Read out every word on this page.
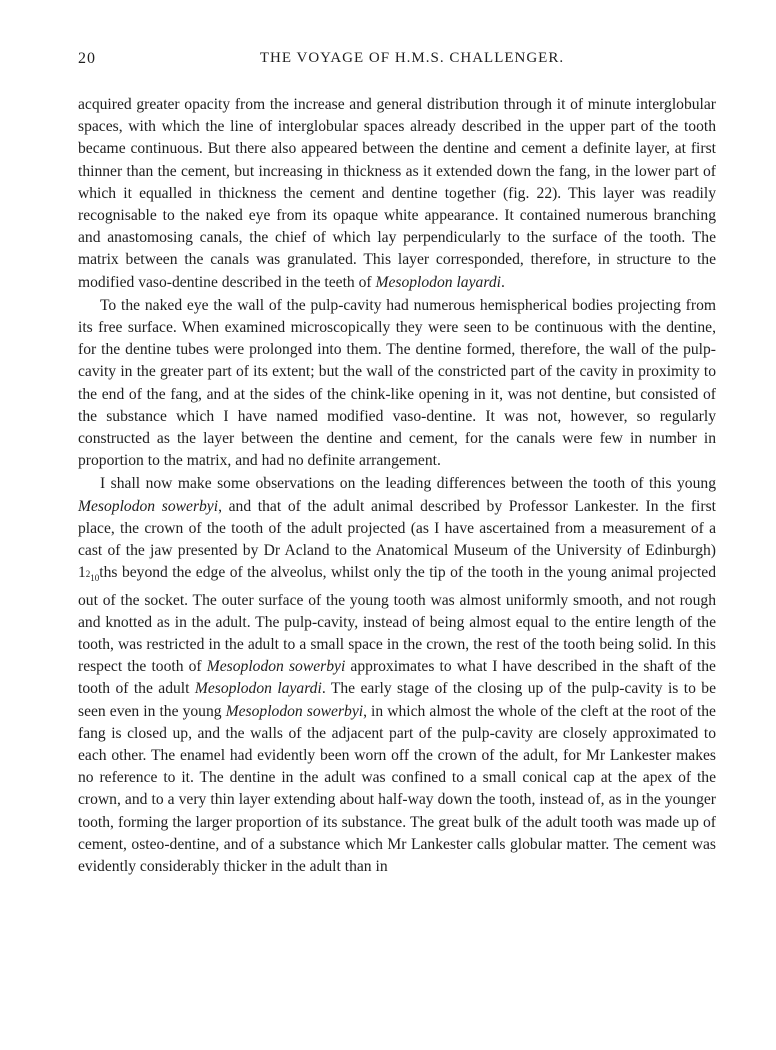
20	THE VOYAGE OF H.M.S. CHALLENGER.

acquired greater opacity from the increase and general distribution through it of minute interglobular spaces, with which the line of interglobular spaces already described in the upper part of the tooth became continuous. But there also appeared between the dentine and cement a definite layer, at first thinner than the cement, but increasing in thickness as it extended down the fang, in the lower part of which it equalled in thickness the cement and dentine together (fig. 22). This layer was readily recognisable to the naked eye from its opaque white appearance. It contained numerous branching and anastomosing canals, the chief of which lay perpendicularly to the surface of the tooth. The matrix between the canals was granulated. This layer corresponded, therefore, in structure to the modified vaso-dentine described in the teeth of Mesoplodon layardi.

To the naked eye the wall of the pulp-cavity had numerous hemispherical bodies projecting from its free surface. When examined microscopically they were seen to be continuous with the dentine, for the dentine tubes were prolonged into them. The dentine formed, therefore, the wall of the pulp-cavity in the greater part of its extent; but the wall of the constricted part of the cavity in proximity to the end of the fang, and at the sides of the chink-like opening in it, was not dentine, but consisted of the substance which I have named modified vaso-dentine. It was not, however, so regularly constructed as the layer between the dentine and cement, for the canals were few in number in proportion to the matrix, and had no definite arrangement.

I shall now make some observations on the leading differences between the tooth of this young Mesoplodon sowerbyi, and that of the adult animal described by Professor Lankester. In the first place, the crown of the tooth of the adult projected (as I have ascertained from a measurement of a cast of the jaw presented by Dr Acland to the Anatomical Museum of the University of Edinburgh) $1_{^210}ths$ beyond the edge of the alveolus, whilst only the tip of the tooth in the young animal projected out of the socket. The outer surface of the young tooth was almost uniformly smooth, and not rough and knotted as in the adult. The pulp-cavity, instead of being almost equal to the entire length of the tooth, was restricted in the adult to a small space in the crown, the rest of the tooth being solid. In this respect the tooth of Mesoplodon sowerbyi approximates to what I have described in the shaft of the tooth of the adult Mesoplodon layardi. The early stage of the closing up of the pulp-cavity is to be seen even in the young Mesoplodon sowerbyi, in which almost the whole of the cleft at the root of the fang is closed up, and the walls of the adjacent part of the pulp-cavity are closely approximated to each other. The enamel had evidently been worn off the crown of the adult, for Mr Lankester makes no reference to it. The dentine in the adult was confined to a small conical cap at the apex of the crown, and to a very thin layer extending about half-way down the tooth, instead of, as in the younger tooth, forming the larger proportion of its substance. The great bulk of the adult tooth was made up of cement, osteo-dentine, and of a substance which Mr Lankester calls globular matter. The cement was evidently considerably thicker in the adult than in
